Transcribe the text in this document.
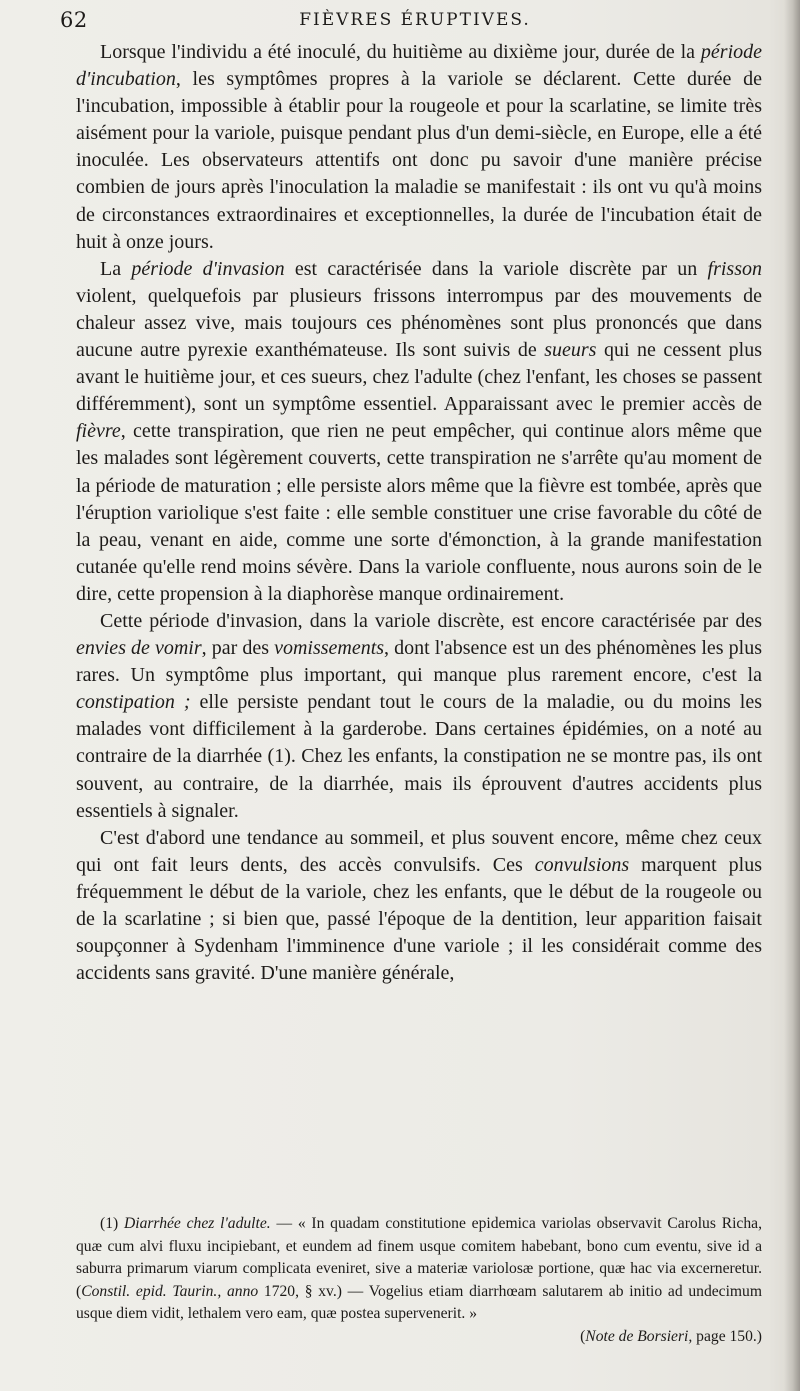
62	FIÈVRES ÉRUPTIVES.

Lorsque l'individu a été inoculé, du huitième au dixième jour, durée de la période d'incubation, les symptômes propres à la variole se déclarent. Cette durée de l'incubation, impossible à établir pour la rougeole et pour la scarlatine, se limite très aisément pour la variole, puisque pendant plus d'un demi-siècle, en Europe, elle a été inoculée. Les observateurs attentifs ont donc pu savoir d'une manière précise combien de jours après l'inoculation la maladie se manifestait : ils ont vu qu'à moins de circonstances extraordinaires et exceptionnelles, la durée de l'incubation était de huit à onze jours.

La période d'invasion est caractérisée dans la variole discrète par un frisson violent, quelquefois par plusieurs frissons interrompus par des mouvements de chaleur assez vive, mais toujours ces phénomènes sont plus prononcés que dans aucune autre pyrexie exanthémateuse. Ils sont suivis de sueurs qui ne cessent plus avant le huitième jour, et ces sueurs, chez l'adulte (chez l'enfant, les choses se passent différemment), sont un symptôme essentiel. Apparaissant avec le premier accès de fièvre, cette transpiration, que rien ne peut empêcher, qui continue alors même que les malades sont légèrement couverts, cette transpiration ne s'arrête qu'au moment de la période de maturation ; elle persiste alors même que la fièvre est tombée, après que l'éruption variolique s'est faite : elle semble constituer une crise favorable du côté de la peau, venant en aide, comme une sorte d'émonction, à la grande manifestation cutanée qu'elle rend moins sévère. Dans la variole confluente, nous aurons soin de le dire, cette propension à la diaphorèse manque ordinairement.

Cette période d'invasion, dans la variole discrète, est encore caractérisée par des envies de vomir, par des vomissements, dont l'absence est un des phénomènes les plus rares. Un symptôme plus important, qui manque plus rarement encore, c'est la constipation ; elle persiste pendant tout le cours de la maladie, ou du moins les malades vont difficilement à la garderobe. Dans certaines épidémies, on a noté au contraire de la diarrhée (1). Chez les enfants, la constipation ne se montre pas, ils ont souvent, au contraire, de la diarrhée, mais ils éprouvent d'autres accidents plus essentiels à signaler.

C'est d'abord une tendance au sommeil, et plus souvent encore, même chez ceux qui ont fait leurs dents, des accès convulsifs. Ces convulsions marquent plus fréquemment le début de la variole, chez les enfants, que le début de la rougeole ou de la scarlatine ; si bien que, passé l'époque de la dentition, leur apparition faisait soupçonner à Sydenham l'imminence d'une variole ; il les considérait comme des accidents sans gravité. D'une manière générale,

(1) Diarrhée chez l'adulte. — « In quadam constitutione epidemica variolas observavit Carolus Richa, quæ cum alvi fluxu incipiebant, et eundem ad finem usque comitem habebant, bono cum eventu, sive id a saburra primarum viarum complicata eveniret, sive a materiæ variolosæ portione, quæ hac via excerneretur. (Constil. epid. Taurin., anno 1720, § xv.) — Vogelius etiam diarrhœam salutarem ab initio ad undecimum usque diem vidit, lethalem vero eam, quæ postea supervenerit. »

(Note de Borsieri, page 150.)
